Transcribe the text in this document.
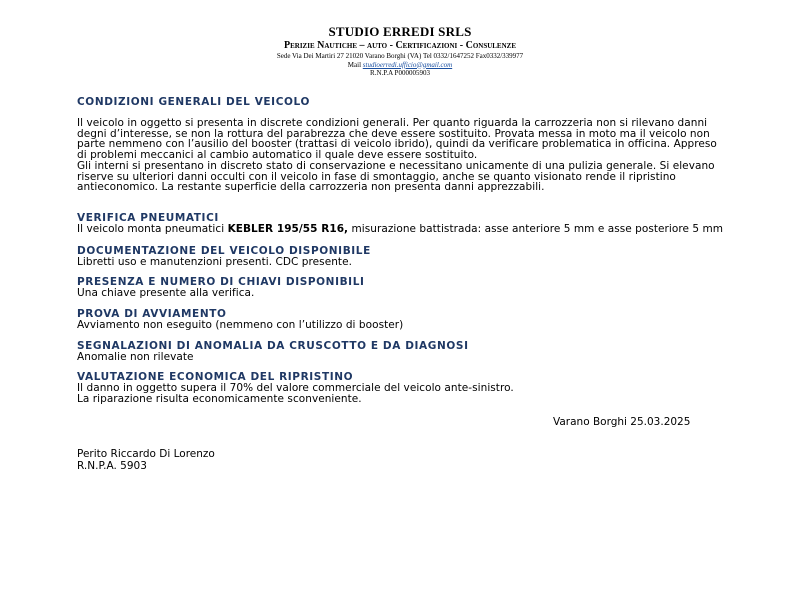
STUDIO ERREDI SRLS
Perizie Nautiche – auto - Certificazioni - Consulenze
Sede Via Dei Martiri 27 21020 Varano Borghi (VA) Tel 0332/1647252 Fax0332/339977
Mail studioerredi.ufficio@gmail.com
R.N.P.A P000005903
CONDIZIONI GENERALI DEL VEICOLO
Il veicolo in oggetto si presenta in discrete condizioni generali. Per quanto riguarda la carrozzeria non si rilevano danni degni d’interesse, se non la rottura del parabrezza che deve essere sostituito. Provata messa in moto ma il veicolo non parte nemmeno con l’ausilio del booster (trattasi di veicolo ibrido), quindi da verificare problematica in officina. Appreso di problemi meccanici al cambio automatico il quale deve essere sostituito.
Gli interni si presentano in discreto stato di conservazione e necessitano unicamente di una pulizia generale. Si elevano riserve su ulteriori danni occulti con il veicolo in fase di smontaggio, anche se quanto visionato rende il ripristino antieconomico. La restante superficie della carrozzeria non presenta danni apprezzabili.
VERIFICA PNEUMATICI
Il veicolo monta pneumatici KEBLER 195/55 R16, misurazione battistrada: asse anteriore 5 mm e asse posteriore 5 mm
DOCUMENTAZIONE DEL VEICOLO DISPONIBILE
Libretti uso e manutenzioni presenti. CDC presente.
PRESENZA E NUMERO DI CHIAVI DISPONIBILI
Una chiave presente alla verifica.
PROVA DI AVVIAMENTO
Avviamento non eseguito (nemmeno con l’utilizzo di booster)
SEGNALAZIONI DI ANOMALIA DA CRUSCOTTO E DA DIAGNOSI
Anomalie non rilevate
VALUTAZIONE ECONOMICA DEL RIPRISTINO
Il danno in oggetto supera il 70% del valore commerciale del veicolo ante-sinistro.
La riparazione risulta economicamente sconveniente.
Varano Borghi 25.03.2025
Perito Riccardo Di Lorenzo
R.N.P.A. 5903
